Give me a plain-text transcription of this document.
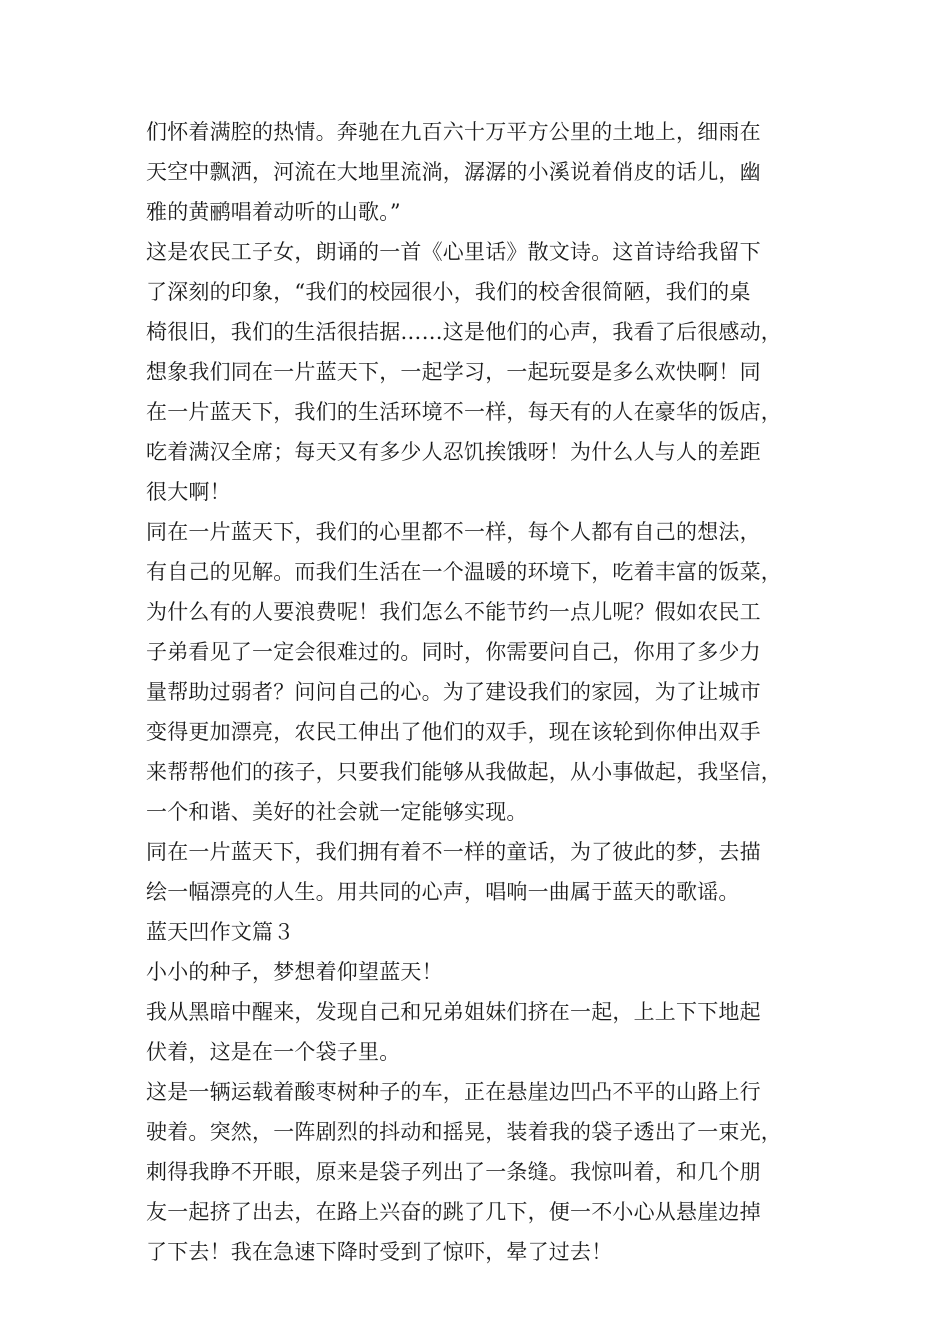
们怀着满腔的热情。奔驰在九百六十万平方公里的土地上，细雨在
天空中飘洒，河流在大地里流淌，潺潺的小溪说着俏皮的话儿，幽
雅的黄鹂唱着动听的山歌。”
这是农民工子女，朗诵的一首《心里话》散文诗。这首诗给我留下
了深刻的印象，“我们的校园很小，我们的校舍很简陋，我们的桌
椅很旧，我们的生活很拮据……这是他们的心声，我看了后很感动，
想象我们同在一片蓝天下，一起学习，一起玩耍是多么欢快啊！同
在一片蓝天下，我们的生活环境不一样，每天有的人在豪华的饭店，
吃着满汉全席；每天又有多少人忍饥挨饿呀！为什么人与人的差距
很大啊！
同在一片蓝天下，我们的心里都不一样，每个人都有自己的想法，
有自己的见解。而我们生活在一个温暖的环境下，吃着丰富的饭菜，
为什么有的人要浪费呢！我们怎么不能节约一点儿呢？假如农民工
子弟看见了一定会很难过的。同时，你需要问自己，你用了多少力
量帮助过弱者？问问自己的心。为了建设我们的家园，为了让城市
变得更加漂亮，农民工伸出了他们的双手，现在该轮到你伸出双手
来帮帮他们的孩子，只要我们能够从我做起，从小事做起，我坚信，
一个和谐、美好的社会就一定能够实现。
同在一片蓝天下，我们拥有着不一样的童话，为了彼此的梦，去描
绘一幅漂亮的人生。用共同的心声，唱响一曲属于蓝天的歌谣。
蓝天凹作文篇３
小小的种子，梦想着仰望蓝天！
我从黑暗中醒来，发现自己和兄弟姐妹们挤在一起，上上下下地起
伏着，这是在一个袋子里。
这是一辆运载着酸枣树种子的车，正在悬崖边凹凸不平的山路上行
驶着。突然，一阵剧烈的抖动和摇晃，装着我的袋子透出了一束光，
刺得我睁不开眼，原来是袋子列出了一条缝。我惊叫着，和几个朋
友一起挤了出去，在路上兴奋的跳了几下，便一不小心从悬崖边掉
了下去！我在急速下降时受到了惊吓，晕了过去！
